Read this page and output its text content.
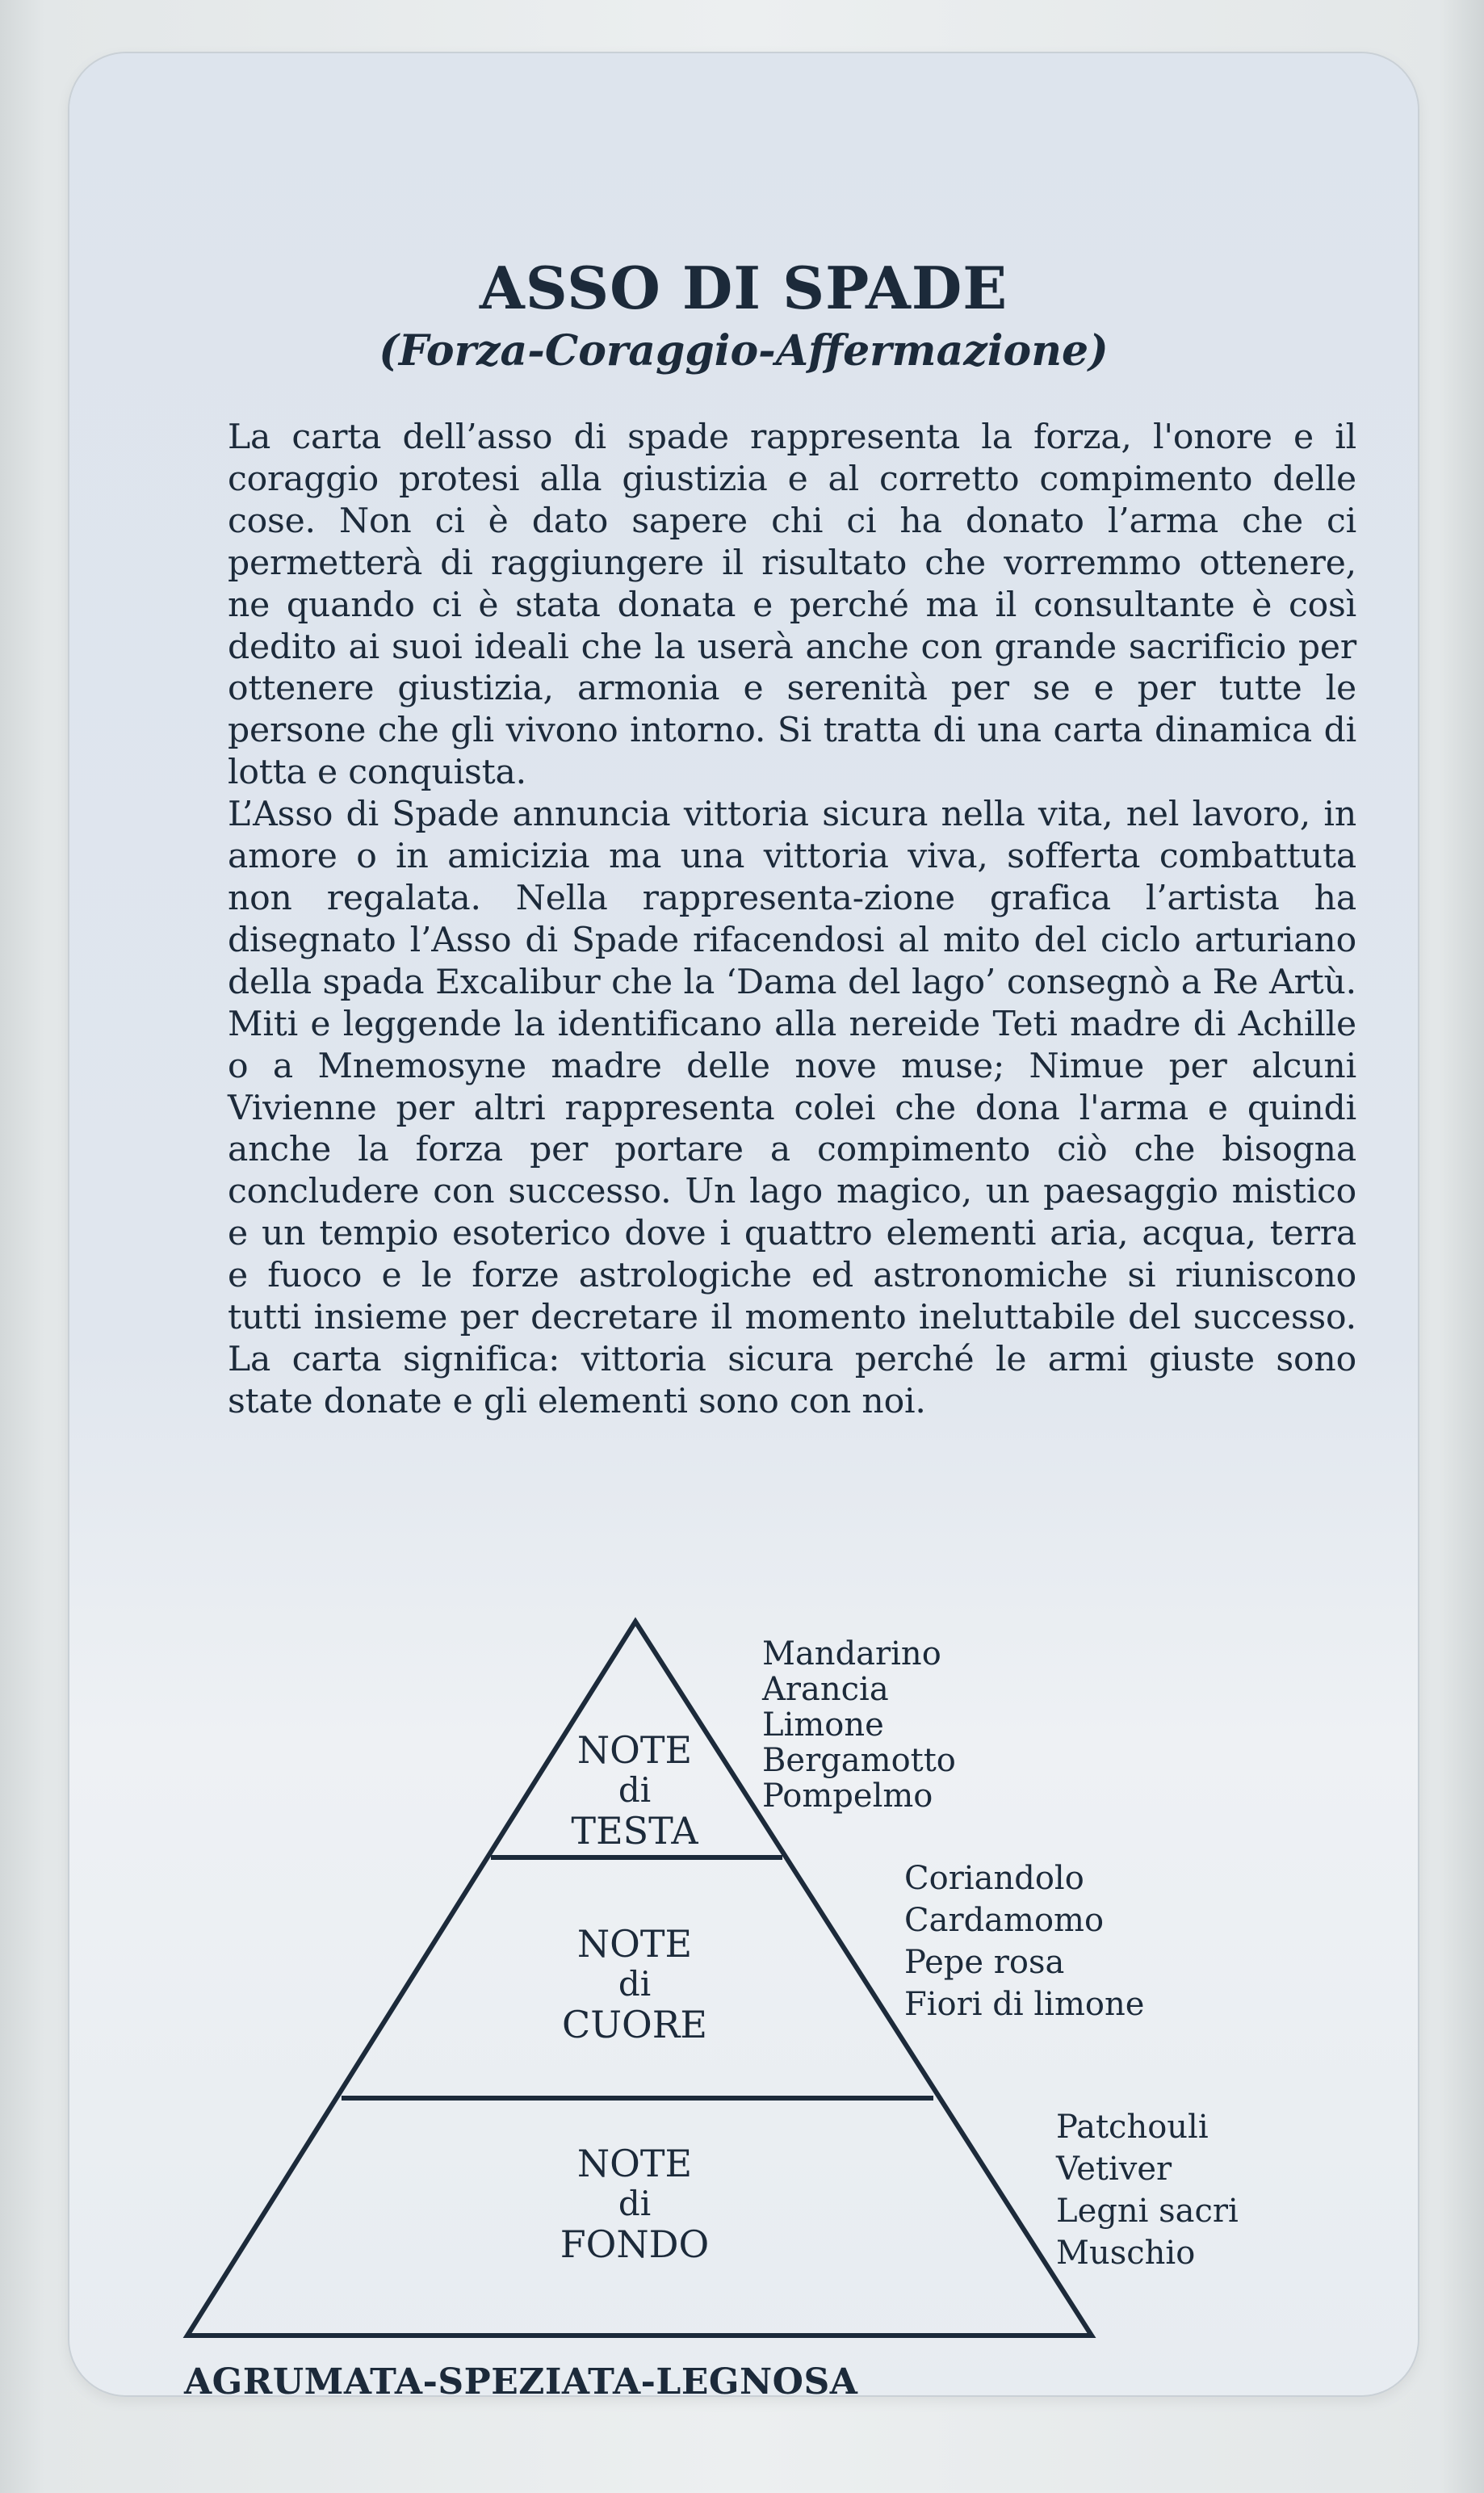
ASSO DI SPADE
(Forza-Coraggio-Affermazione)

La carta dell’asso di spade rappresenta la forza, l'onore e il coraggio protesi alla giustizia e al corretto compimento delle cose. Non ci è dato sapere chi ci ha donato l’arma che ci permetterà di raggiungere il risultato che vorremmo ottenere, ne quando ci è stata donata e perché ma il consultante è così dedito ai suoi ideali che la userà anche con grande sacrificio per ottenere giustizia, armonia e serenità per se e per tutte le persone che gli vivono intorno. Si tratta di una carta dinamica di lotta e conquista.

L’Asso di Spade annuncia vittoria sicura nella vita, nel lavoro, in amore o in amicizia ma una vittoria viva, sofferta combattuta non regalata. Nella rappresenta-zione grafica l’artista ha disegnato l’Asso di Spade rifacendosi al mito del ciclo arturiano della spada Excalibur che la ‘Dama del lago’ consegnò a Re Artù. Miti e leggende la identificano alla nereide Teti madre di Achille o a Mnemosyne madre delle nove muse; Nimue per alcuni Vivienne per altri rappresenta colei che dona l'arma e quindi anche la forza per portare a compimento ciò che bisogna concludere con successo. Un lago magico, un paesaggio mistico e un tempio esoterico dove i quattro elementi aria, acqua, terra e fuoco e le forze astrologiche ed astronomiche si riuniscono tutti insieme per decretare il momento ineluttabile del successo. La carta significa: vittoria sicura perché le armi giuste sono state donate e gli elementi sono con noi.

NOTE
di
TESTA
NOTE
di
CUORE
NOTE
di
FONDO
Mandarino
Arancia
Limone
Bergamotto
Pompelmo
Coriandolo
Cardamomo
Pepe rosa
Fiori di limone
Patchouli
Vetiver
Legni sacri
Muschio

AGRUMATA-SPEZIATA-LEGNOSA
